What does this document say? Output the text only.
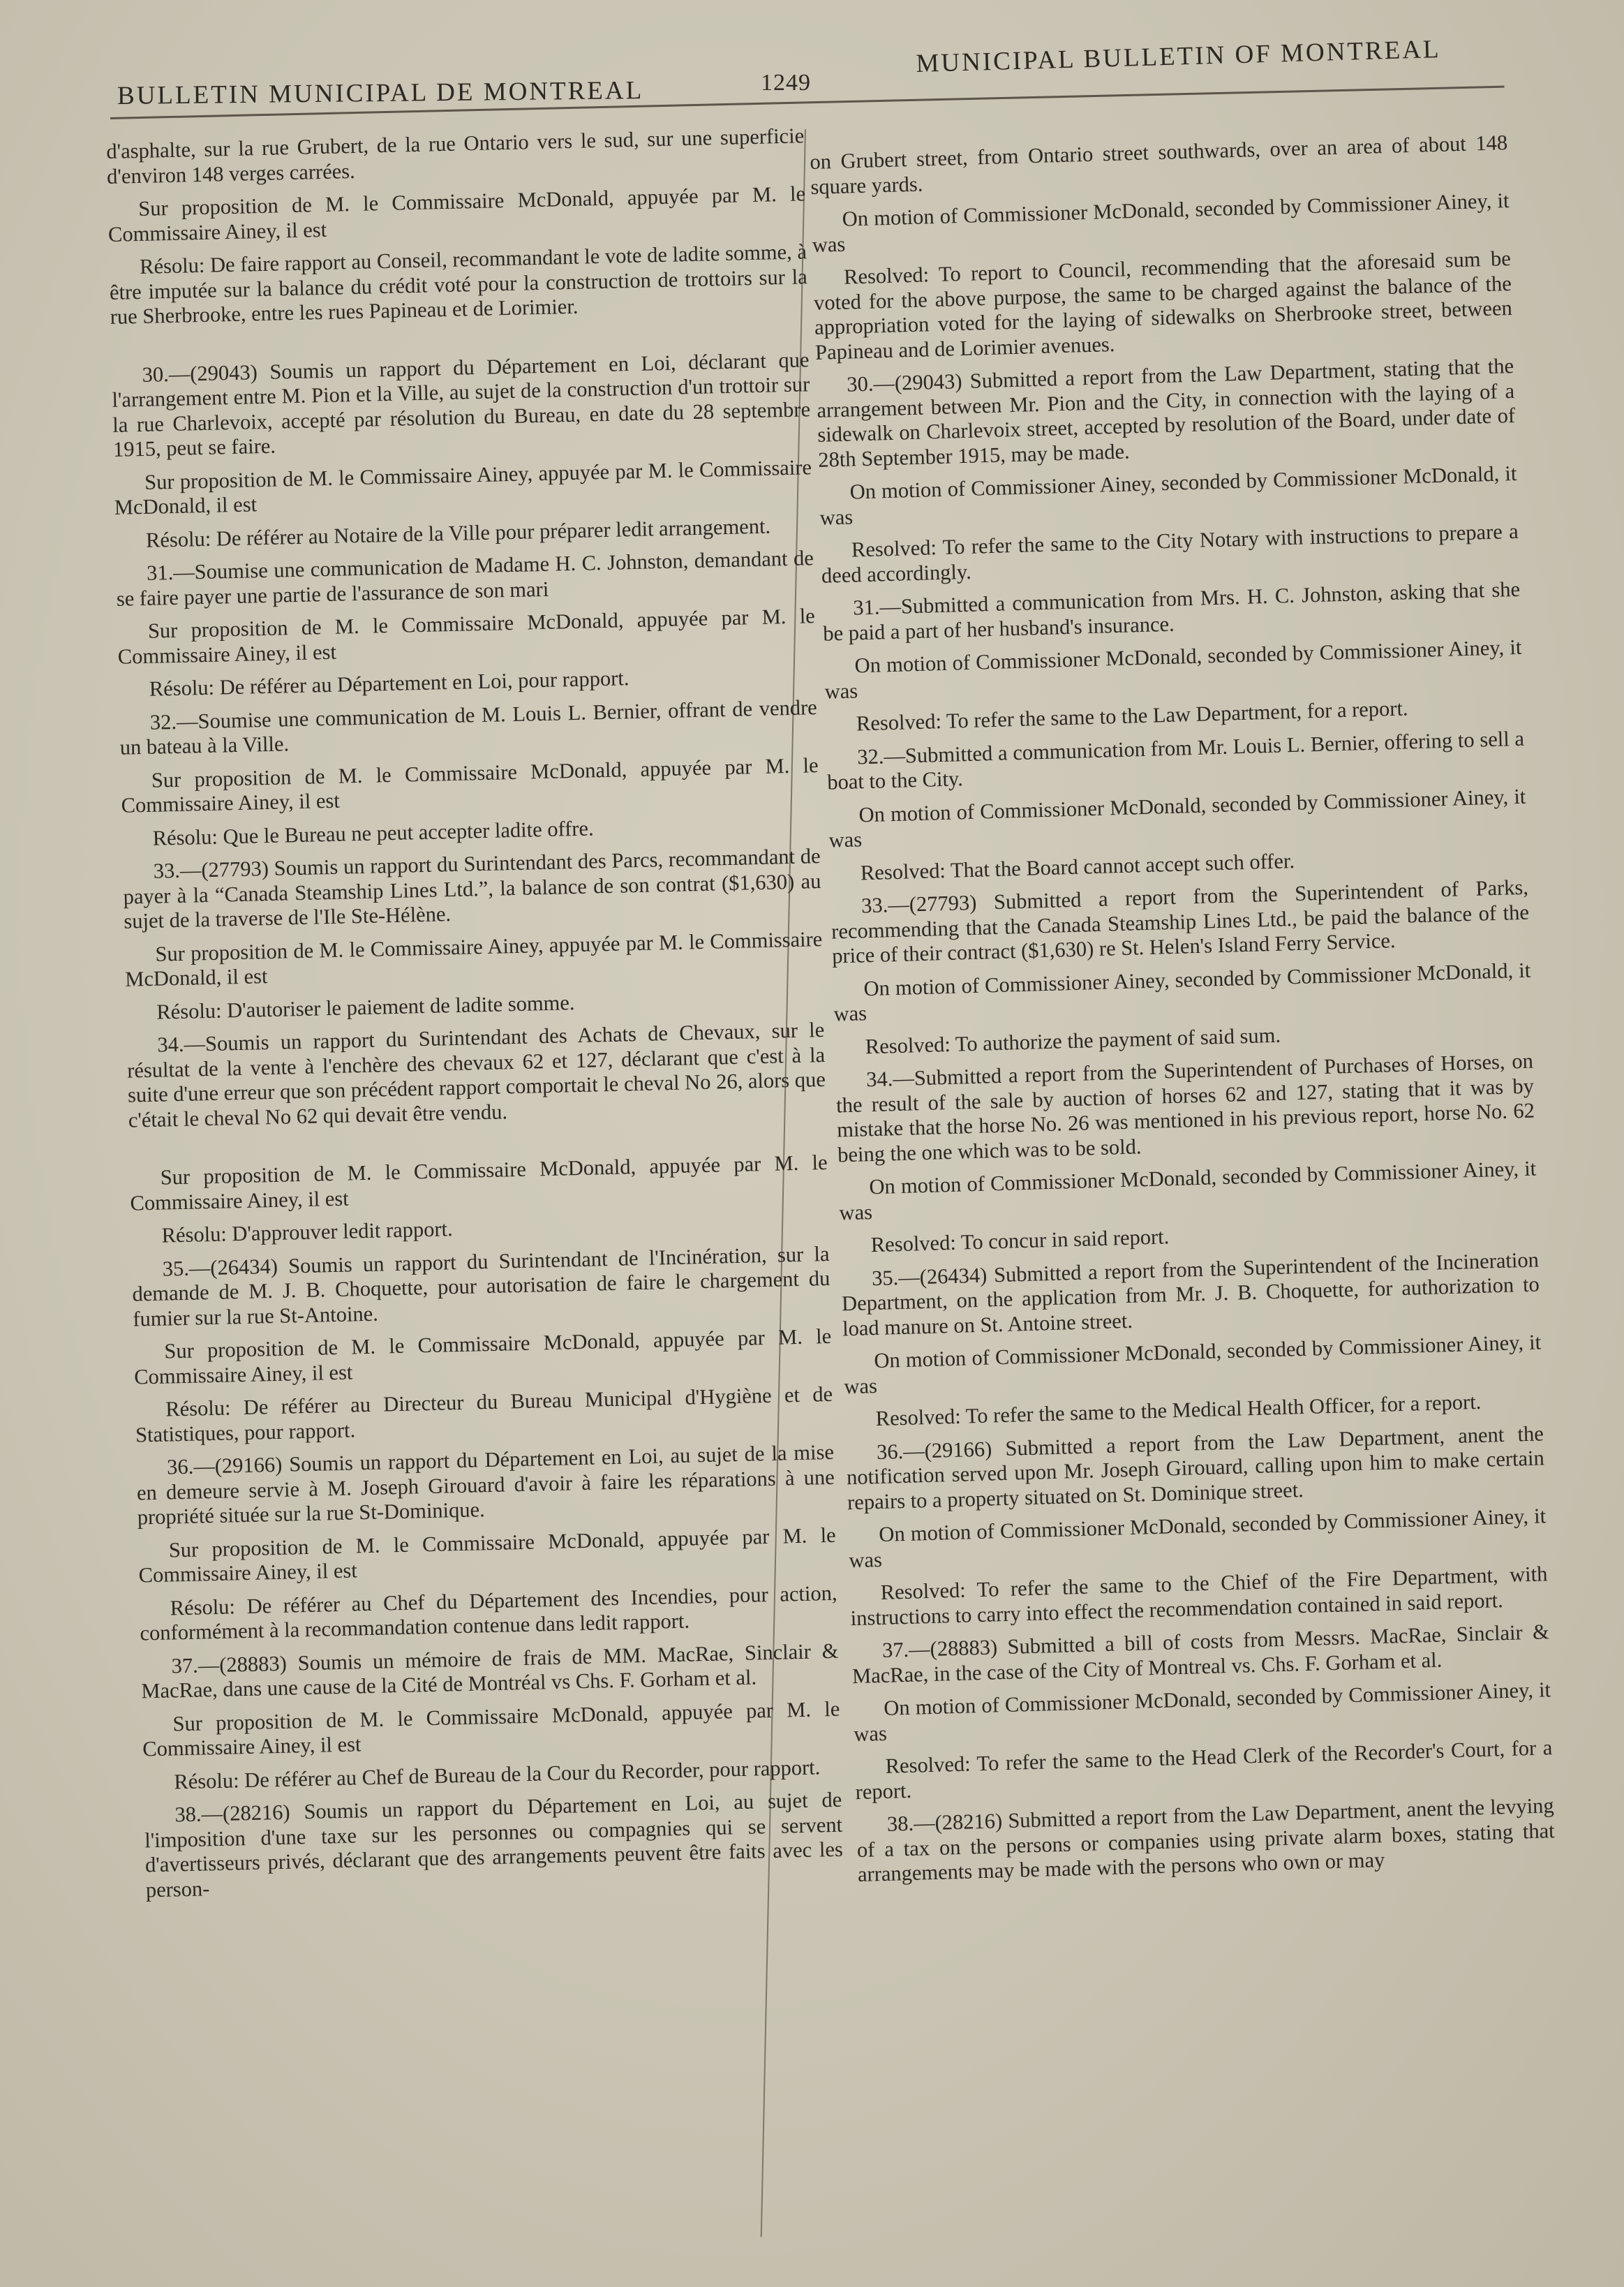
BULLETIN MUNICIPAL DE MONTREAL	1249
MUNICIPAL BULLETIN OF MONTREAL

d'asphalte, sur la rue Grubert, de la rue Ontario vers le sud, sur une superficie d'environ 148 verges carrées.

Sur proposition de M. le Commissaire McDonald, appuyée par M. le Commissaire Ainey, il est

Résolu: De faire rapport au Conseil, recommandant le vote de ladite somme, à être imputée sur la balance du crédit voté pour la construction de trottoirs sur la rue Sherbrooke, entre les rues Papineau et de Lorimier.

30.—(29043) Soumis un rapport du Département en Loi, déclarant que l'arrangement entre M. Pion et la Ville, au sujet de la construction d'un trottoir sur la rue Charlevoix, accepté par résolution du Bureau, en date du 28 septembre 1915, peut se faire.

Sur proposition de M. le Commissaire Ainey, appuyée par M. le Commissaire McDonald, il est

Résolu: De référer au Notaire de la Ville pour préparer ledit arrangement.

31.—Soumise une communication de Madame H. C. Johnston, demandant de se faire payer une partie de l'assurance de son mari

Sur proposition de M. le Commissaire McDonald, appuyée par M. le Commissaire Ainey, il est

Résolu: De référer au Département en Loi, pour rapport.

32.—Soumise une communication de M. Louis L. Bernier, offrant de vendre un bateau à la Ville.

Sur proposition de M. le Commissaire McDonald, appuyée par M. le Commissaire Ainey, il est

Résolu: Que le Bureau ne peut accepter ladite offre.

33.—(27793) Soumis un rapport du Surintendant des Parcs, recommandant de payer à la “Canada Steamship Lines Ltd.”, la balance de son contrat ($1,630) au sujet de la traverse de l'Ile Ste-Hélène.

Sur proposition de M. le Commissaire Ainey, appuyée par M. le Commissaire McDonald, il est

Résolu: D'autoriser le paiement de ladite somme.

34.—Soumis un rapport du Surintendant des Achats de Chevaux, sur le résultat de la vente à l'enchère des chevaux 62 et 127, déclarant que c'est à la suite d'une erreur que son précédent rapport comportait le cheval No 26, alors que c'était le cheval No 62 qui devait être vendu.

Sur proposition de M. le Commissaire McDonald, appuyée par M. le Commissaire Ainey, il est

Résolu: D'approuver ledit rapport.

35.—(26434) Soumis un rapport du Surintendant de l'Incinération, sur la demande de M. J. B. Choquette, pour autorisation de faire le chargement du fumier sur la rue St-Antoine.

Sur proposition de M. le Commissaire McDonald, appuyée par M. le Commissaire Ainey, il est

Résolu: De référer au Directeur du Bureau Municipal d'Hygiène et de Statistiques, pour rapport.

36.—(29166) Soumis un rapport du Département en Loi, au sujet de la mise en demeure servie à M. Joseph Girouard d'avoir à faire les réparations à une propriété située sur la rue St-Dominique.

Sur proposition de M. le Commissaire McDonald, appuyée par M. le Commissaire Ainey, il est

Résolu: De référer au Chef du Département des Incendies, pour action, conformément à la recommandation contenue dans ledit rapport.

37.—(28883) Soumis un mémoire de frais de MM. MacRae, Sinclair & MacRae, dans une cause de la Cité de Montréal vs Chs. F. Gorham et al.

Sur proposition de M. le Commissaire McDonald, appuyée par M. le Commissaire Ainey, il est

Résolu: De référer au Chef de Bureau de la Cour du Recorder, pour rapport.

38.—(28216) Soumis un rapport du Département en Loi, au sujet de l'imposition d'une taxe sur les personnes ou compagnies qui se servent d'avertisseurs privés, déclarant que des arrangements peuvent être faits avec les person-

on Grubert street, from Ontario street southwards, over an area of about 148 square yards.

On motion of Commissioner McDonald, seconded by Commissioner Ainey, it was

Resolved: To report to Council, recommending that the aforesaid sum be voted for the above purpose, the same to be charged against the balance of the appropriation voted for the laying of sidewalks on Sherbrooke street, between Papineau and de Lorimier avenues.

30.—(29043) Submitted a report from the Law Department, stating that the arrangement between Mr. Pion and the City, in connection with the laying of a sidewalk on Charlevoix street, accepted by resolution of the Board, under date of 28th September 1915, may be made.

On motion of Commissioner Ainey, seconded by Commissioner McDonald, it was

Resolved: To refer the same to the City Notary with instructions to prepare a deed accordingly.

31.—Submitted a communication from Mrs. H. C. Johnston, asking that she be paid a part of her husband's insurance.

On motion of Commissioner McDonald, seconded by Commissioner Ainey, it was

Resolved: To refer the same to the Law Department, for a report.

32.—Submitted a communication from Mr. Louis L. Bernier, offering to sell a boat to the City.

On motion of Commissioner McDonald, seconded by Commissioner Ainey, it was

Resolved: That the Board cannot accept such offer.

33.—(27793) Submitted a report from the Superintendent of Parks, recommending that the Canada Steamship Lines Ltd., be paid the balance of the price of their contract ($1,630) re St. Helen's Island Ferry Service.

On motion of Commissioner Ainey, seconded by Commissioner McDonald, it was

Resolved: To authorize the payment of said sum.

34.—Submitted a report from the Superintendent of Purchases of Horses, on the result of the sale by auction of horses 62 and 127, stating that it was by mistake that the horse No. 26 was mentioned in his previous report, horse No. 62 being the one which was to be sold.

On motion of Commissioner McDonald, seconded by Commissioner Ainey, it was

Resolved: To concur in said report.

35.—(26434) Submitted a report from the Superintendent of the Incineration Department, on the application from Mr. J. B. Choquette, for authorization to load manure on St. Antoine street.

On motion of Commissioner McDonald, seconded by Commissioner Ainey, it was

Resolved: To refer the same to the Medical Health Officer, for a report.

36.—(29166) Submitted a report from the Law Department, anent the notification served upon Mr. Joseph Girouard, calling upon him to make certain repairs to a property situated on St. Dominique street.

On motion of Commissioner McDonald, seconded by Commissioner Ainey, it was

Resolved: To refer the same to the Chief of the Fire Department, with instructions to carry into effect the recommendation contained in said report.

37.—(28883) Submitted a bill of costs from Messrs. MacRae, Sinclair & MacRae, in the case of the City of Montreal vs. Chs. F. Gorham et al.

On motion of Commissioner McDonald, seconded by Commissioner Ainey, it was

Resolved: To refer the same to the Head Clerk of the Recorder's Court, for a report.

38.—(28216) Submitted a report from the Law Department, anent the levying of a tax on the persons or companies using private alarm boxes, stating that arrangements may be made with the persons who own or may
